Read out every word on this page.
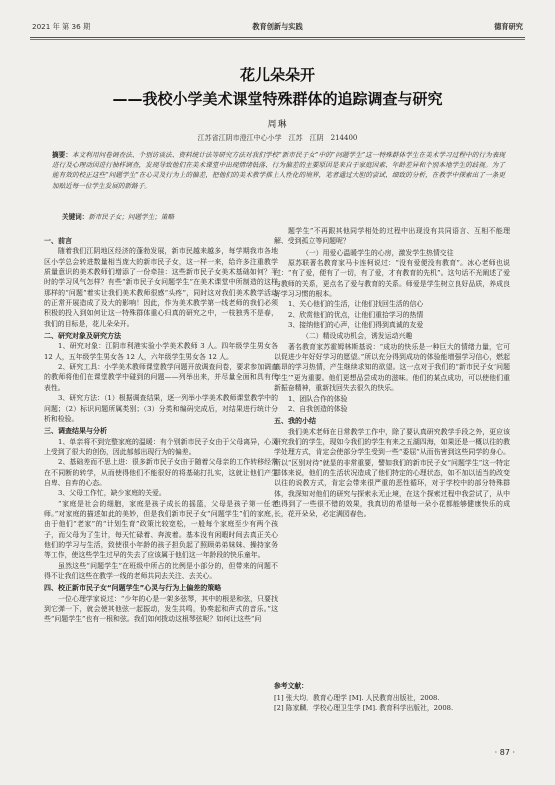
2021 年 第 36 期	教育创新与实践	德育研究
花儿朵朵开
——我校小学美术课堂特殊群体的追踪调查与研究
周琳
江苏省江阴市澄江中心小学　江苏　江阴　214400
摘要：本文利用问卷调查法、个别访谈法、资料统计法等研究方法对我们学校“新市民子女”中的“问题学生”这一特殊群体学生在美术学习过程中的行为表现进行及心理动因进行抽样调查，发现导致他们在美术课堂中出现情绪低落、行为偏差的主要原因是来自于家庭因素、年龄差异和个别本地学生的歧视。为了能有效的校正这些“问题学生”在心灵及行为上的偏差，把他们的美术教学推上人性化的境界，笔者通过大胆的尝试、细致的分析，在教学中探索出了一条更加贴近每一位学生发展的新路子。
关键词：新市民子女；问题学生；策略

一、前言

随着我们江阴地区经济的蓬勃发展，新市民越来越多，每学期我市各地区小学总会转进数量相当庞大的新市民子女，这一样一来，给许多注重教学质量意识的美术教师们增添了一份牵挂：这些新市民子女美术基础如何？平时的学习风气怎样？有些“新市民子女问题学生”在美术课堂中所制造的这样那样的“问题”着实让我们美术教师很感“头疼”，同时这对我们美术教学活动的正常开展造成了及大的影响！因此，作为美术教学第一线老师的我们必须积极的投入到如何让这一特殊群体重心归真的研究之中，一枝独秀不是春，我们的目标是，花儿朵朵开。

二、研究对象及研究方法

1、研究对象：江阴市利港实验小学美术教师 3 人。四年级学生男女各 12 人，五年级学生男女各 12 人，六年级学生男女各 12 人。

2、研究工具：小学美术教师课堂教学问题开放调查问卷，要求参加调查的教师将他们在课堂教学中碰到的问题——列举出来，并尽量全面和具有代表性。

3、研究方法：（1）根据调查结果，逐一列举小学美术教师课堂教学中的问题；（2）标识问题所属类别；（3）分类和编码完成后，对结果进行统计分析和检验。

三、调查结果与分析

1、单亲将不到完整家庭的温暖：有个别新市民子女由于父母离异，心灵上受到了很大的创伤，因此郁郁出现行为的偏差。

2、基础差而不思上进：很多新市民子女由于随着父母亲的工作转移经常在不同断的转学，从而使得他们不能很好的将基础打扎实，这就让他们产生自卑、自弃的心态。

3、父母工作忙，缺少家庭的关爱。

“家庭是社会的细胞，家庭是孩子成长的摇篮，父母是孩子第一任老师。”对家庭的描述如此的美妙，但是我们新市民子女“问题学生”们的家庭，由于他们“老家”的“计划生育”政策比较宽松，一般每个家庭至少有两个孩子，而父母为了生计，每天忙碌着、奔波着。基本没有闲暇时间去真正关心他们的学习与生活，致使很小年龄的孩子担负起了照顾弟弟妹妹、操持家务等工作，使这些学生过早的失去了应该属于他们这一年龄段的快乐童年。

虽然这些“问题学生”在班级中所占的比例是小部分的，但带来的问题不得不让我们这些在教学一线的老师共同去关注、去关心。

四、校正新市民子女“问题学生”心灵与行为上偏差的策略

一位心理学家说过：“少年的心是一架多弦琴，其中的根是和弦，只要找到它弹一下，就会使其他弦一起振动，发生共鸣，协奏起和声式的音乐。”这些“问题学生”也有一根和弦。我们如何拨动这根琴弦呢？如何让这些“问

题学生”不再跟其他同学相处的过程中出现没有共同语言、互相不能理解、受到孤立等问题呢？

（一）用爱心温暖学生的心房，激发学生热情交往

原苏联著名教育家马卡连柯说过：“没有爱便没有教育”。冰心老师也说过：“有了爱，便有了一切，有了爱，才有教育的先机”。这句话不光阐述了爱与教师的关系，更点名了爱与教育的关系。师爱是学生树立良好品质，养成良好学习习惯的根本。

1、关心他们的生活，让他们找回生活的信心

2、欣赏他们的优点，让他们重拾学习的热情

3、接纳他们的心声，让他们得到真诚的友爱

（二）精设成功机会，诱发运动兴趣

著名教育家苏霍姆林斯基说：“成功的快乐是一种巨大的情绪力量，它可以促进少年好好学习的愿望。”所以充分得到成功的体验能增强学习信心，燃起高昂的学习热情，产生继续求知的欲望。这一点对于我们的“新市民子女‘问题学生’”更为重要。他们更想品尝成功的滋味。他们的某点成功，可以使他们重新振奋精神，重新找回失去很久的快乐。

1、团队合作的体验

2、自我创造的体验

五、我的小结

我们美术老师在日常教学工作中，除了要认真研究教学手段之外，更应该研究我们的学生，现如今我们的学生有来之五湖四海，如果还是一概以往的教学处理方式，肯定会使部分学生受到一些“委屈”从而伤害到这些同学的身心。所以“区别对待”就显的非常重要，譬如我们的新市民子女“问题学生”这一特定群体来说，他们的生活状况造成了他们特定的心理状态，如不加以适当的改变以往的说教方式，肯定会带来很严重的恶性循环，对于学校中的部分特殊群体，我深知对他们的研究与探索永无止境，在这个探索过程中我尝试了，从中也得到了一些很不错的效果，我真切的希望每一朵小花都能够健康快乐的成长，花开朵朵，必定满园春色。

参考文献：
[1] 张大均．教育心理学 [M]. 人民教育出版社，2008.
[2] 陈家麟．学校心理卫生学 [M]. 教育科学出版社，2008.
· 87 ·
